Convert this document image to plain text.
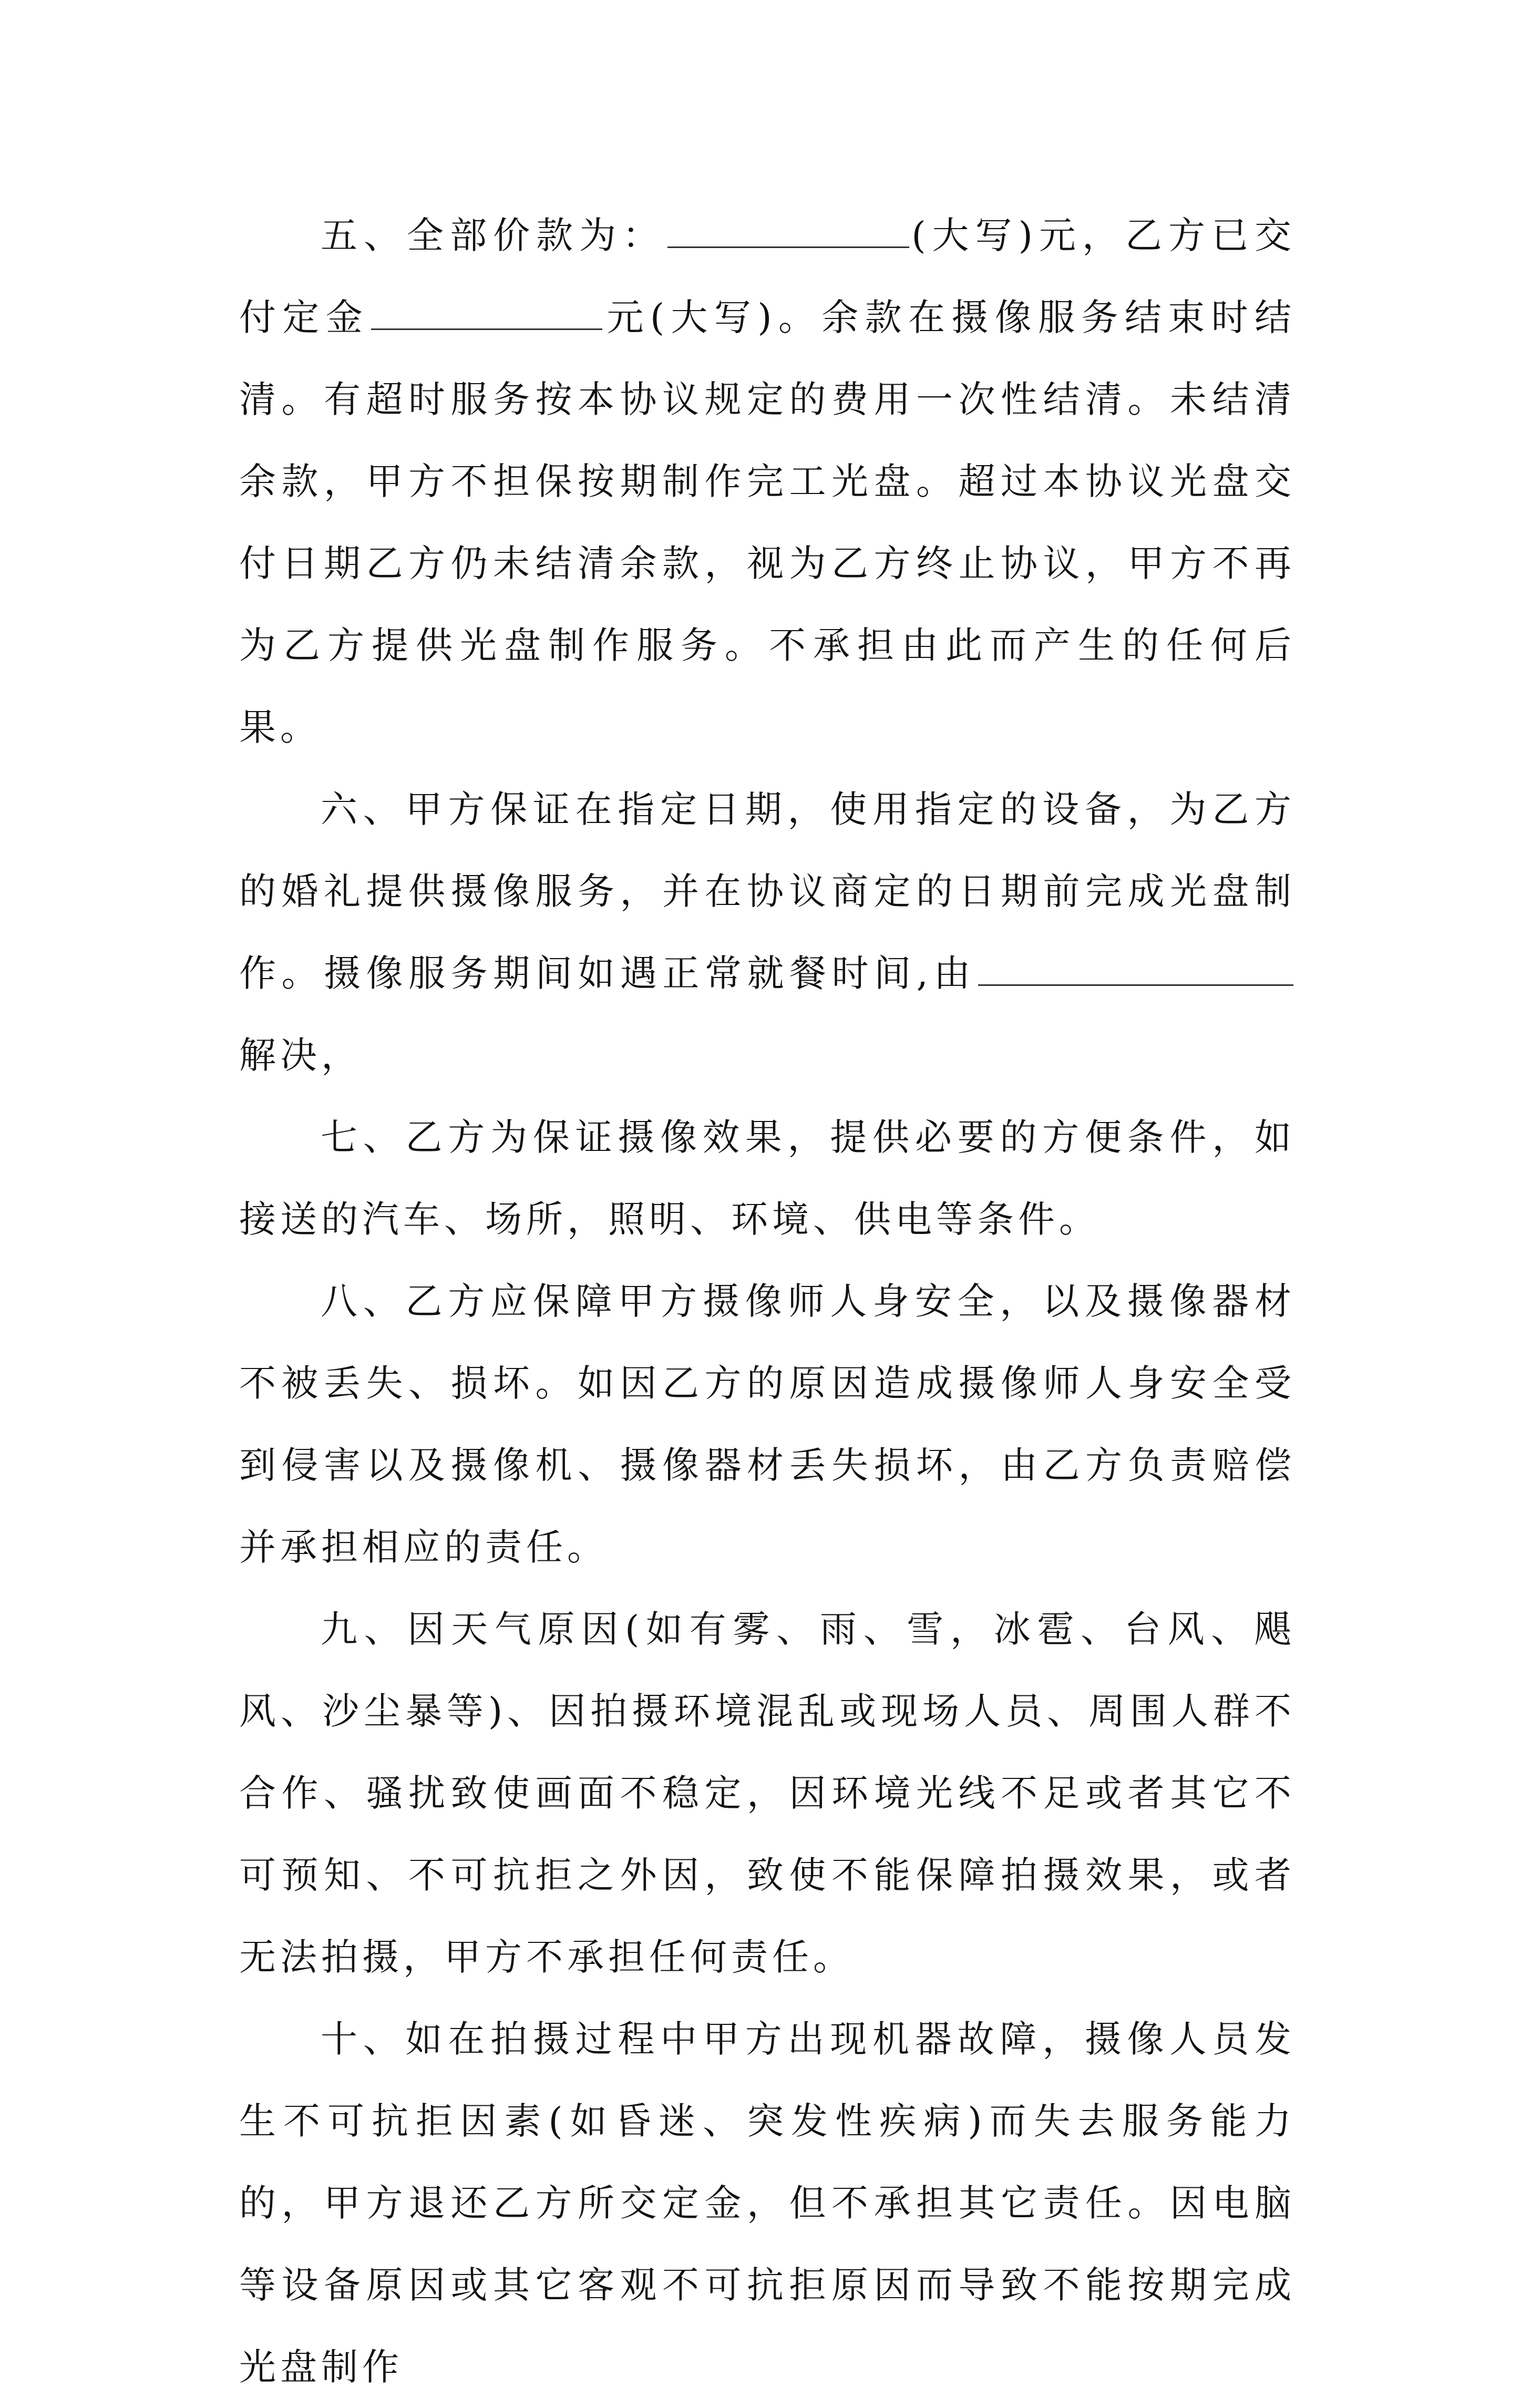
五、全部价款为：	(大写)元，乙方已交付定金	元(大写)。余款在摄像服务结束时结清。有超时服务按本协议规定的费用一次性结清。未结清余款，甲方不担保按期制作完工光盘。超过本协议光盘交付日期乙方仍未结清余款，视为乙方终止协议，甲方不再为乙方提供光盘制作服务。不承担由此而产生的任何后果。

六、甲方保证在指定日期，使用指定的设备，为乙方的婚礼提供摄像服务，并在协议商定的日期前完成光盘制作。摄像服务期间如遇正常就餐时间,由解决，

七、乙方为保证摄像效果，提供必要的方便条件，如接送的汽车、场所，照明、环境、供电等条件。

八、乙方应保障甲方摄像师人身安全，以及摄像器材不被丢失、损坏。如因乙方的原因造成摄像师人身安全受到侵害以及摄像机、摄像器材丢失损坏，由乙方负责赔偿并承担相应的责任。

九、因天气原因(如有雾、雨、雪，冰雹、台风、飓风、沙尘暴等)、因拍摄环境混乱或现场人员、周围人群不合作、骚扰致使画面不稳定，因环境光线不足或者其它不可预知、不可抗拒之外因，致使不能保障拍摄效果，或者无法拍摄，甲方不承担任何责任。

十、如在拍摄过程中甲方出现机器故障，摄像人员发生不可抗拒因素(如昏迷、突发性疾病)而失去服务能力的，甲方退还乙方所交定金，但不承担其它责任。因电脑等设备原因或其它客观不可抗拒原因而导致不能按期完成光盘制作
